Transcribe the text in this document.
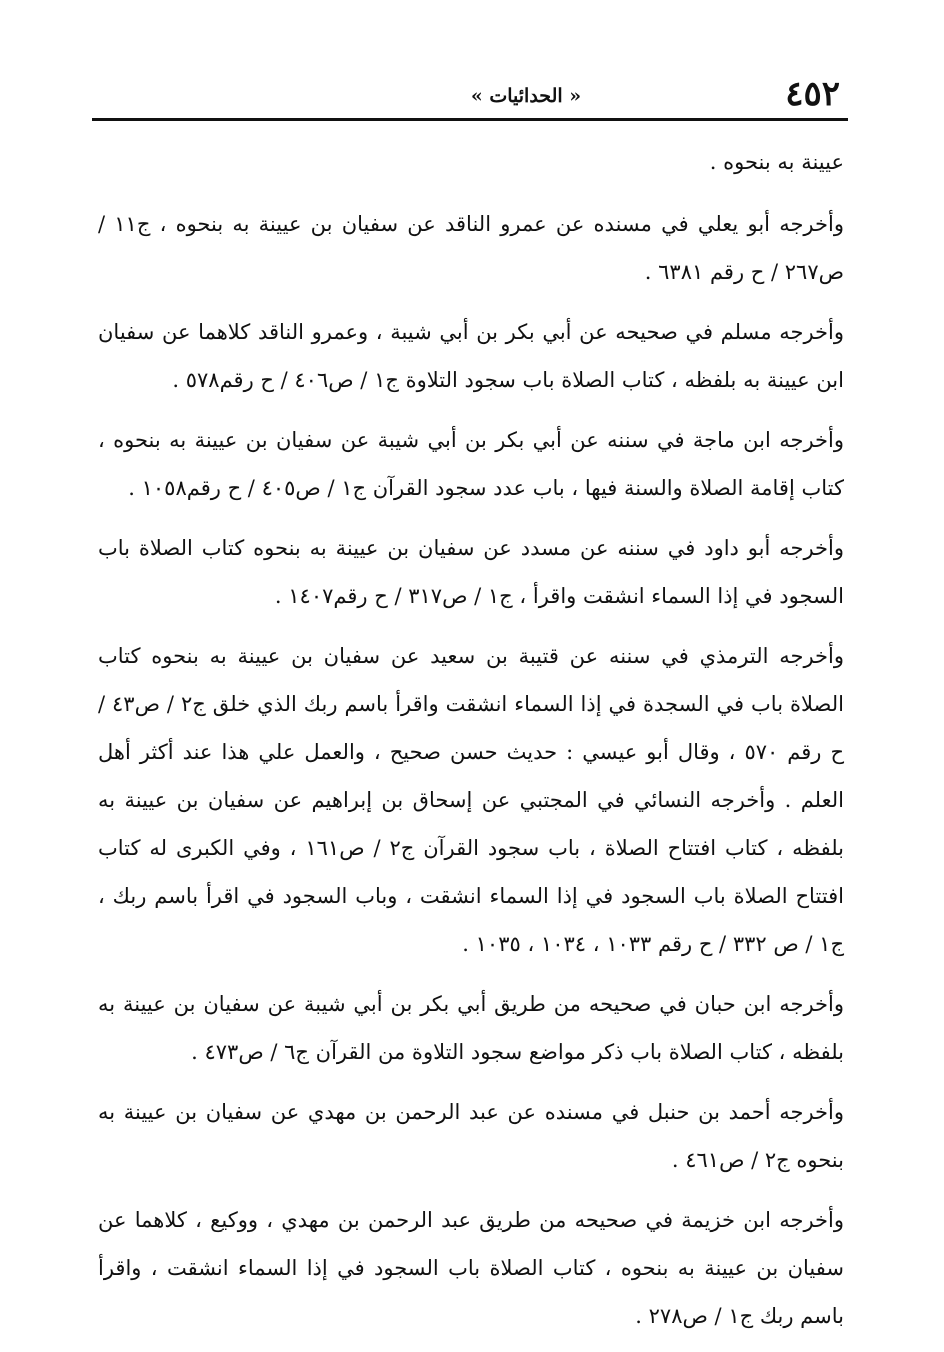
٤٥٢
« الحدائيات »

عيينة به بنحوه .

وأخرجه أبو يعلي في مسنده عن عمرو الناقد عن سفيان بن عيينة به بنحوه ، ج١١ / ص٢٦٧ / ح رقم ٦٣٨١ .

وأخرجه مسلم في صحيحه عن أبي بكر بن أبي شيبة ، وعمرو الناقد كلاهما عن سفيان ابن عيينة به بلفظه ، كتاب الصلاة باب سجود التلاوة ج١ / ص٤٠٦ / ح رقم٥٧٨ .

وأخرجه ابن ماجة في سننه عن أبي بكر بن أبي شيبة عن سفيان بن عيينة به بنحوه ، كتاب إقامة الصلاة والسنة فيها ، باب عدد سجود القرآن ج١ / ص٤٠٥ / ح رقم١٠٥٨ .

وأخرجه أبو داود في سننه عن مسدد عن سفيان بن عيينة به بنحوه كتاب الصلاة باب السجود في إذا السماء انشقت واقرأ ، ج١ / ص٣١٧ / ح رقم١٤٠٧ .

وأخرجه الترمذي في سننه عن قتيبة بن سعيد عن سفيان بن عيينة به بنحوه كتاب الصلاة باب في السجدة في إذا السماء انشقت واقرأ باسم ربك الذي خلق ج٢ / ص٤٣ / ح رقم ٥٧٠ ، وقال أبو عيسي : حديث حسن صحيح ، والعمل علي هذا عند أكثر أهل العلم . وأخرجه النسائي في المجتبي عن إسحاق بن إبراهيم عن سفيان بن عيينة به بلفظه ، كتاب افتتاح الصلاة ، باب سجود القرآن ج٢ / ص١٦١ ، وفي الكبرى له كتاب افتتاح الصلاة باب السجود في إذا السماء انشقت ، وباب السجود في اقرأ باسم ربك ، ج١ / ص ٣٣٢ / ح رقم ١٠٣٣ ، ١٠٣٤ ، ١٠٣٥ .

وأخرجه ابن حبان في صحيحه من طريق أبي بكر بن أبي شيبة عن سفيان بن عيينة به بلفظه ، كتاب الصلاة باب ذكر مواضع سجود التلاوة من القرآن ج٦ / ص٤٧٣ .

وأخرجه أحمد بن حنبل في مسنده عن عبد الرحمن بن مهدي عن سفيان بن عيينة به بنحوه ج٢ / ص٤٦١ .

وأخرجه ابن خزيمة في صحيحه من طريق عبد الرحمن بن مهدي ، ووكيع ، كلاهما عن سفيان بن عيينة به بنحوه ، كتاب الصلاة باب السجود في إذا السماء انشقت ، واقرأ باسم ربك ج١ / ص٢٧٨ .
